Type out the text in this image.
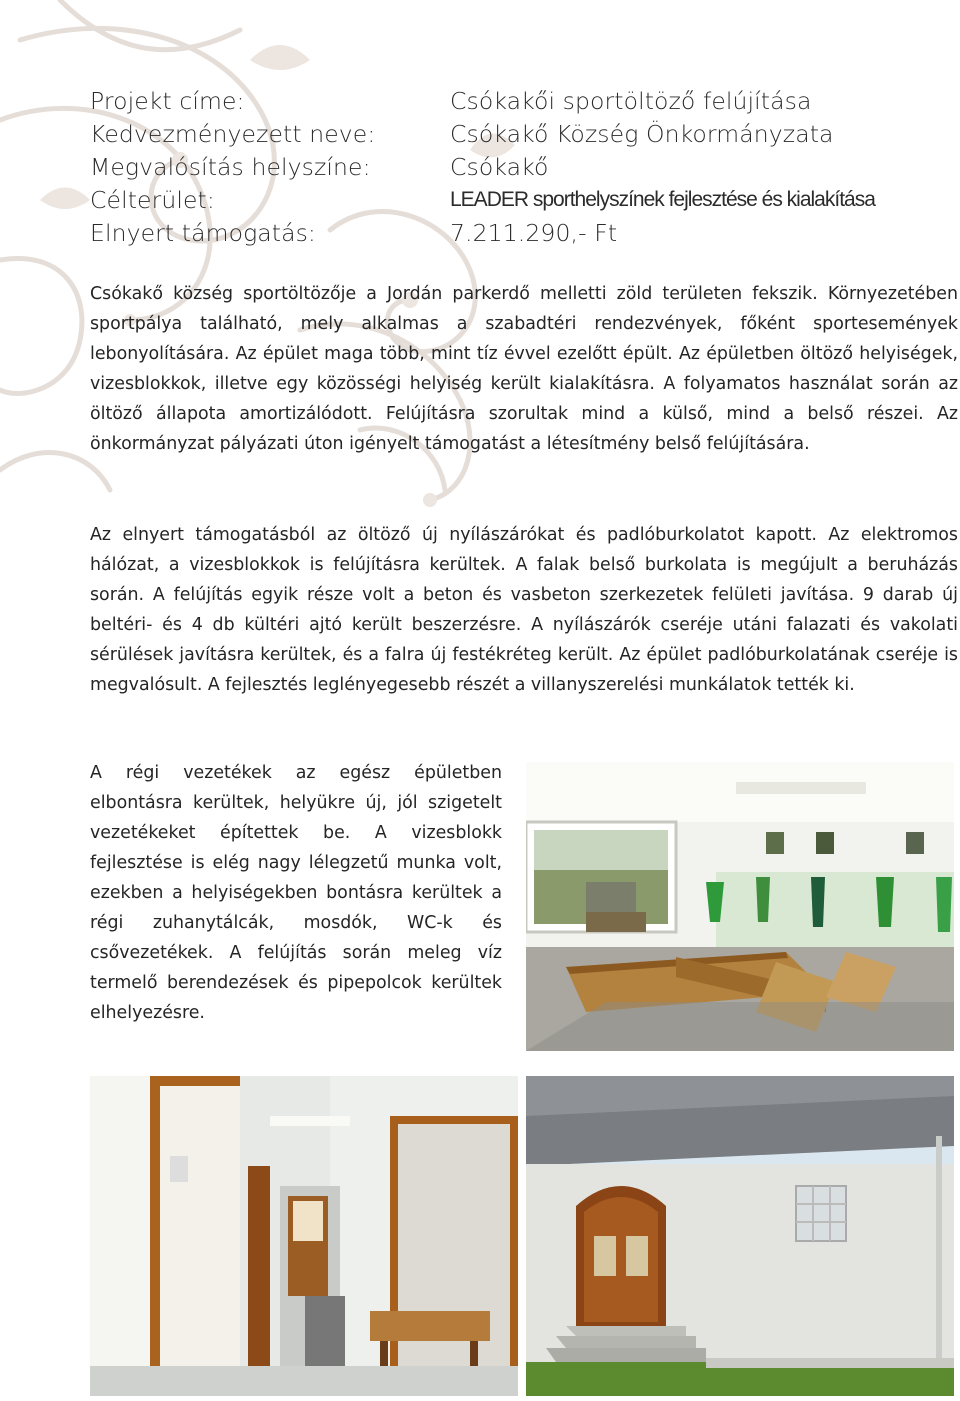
Projekt címe:	Csókakői sportöltöző felújítása
Kedvezményezett neve:	Csókakő Község Önkormányzata
Megvalósítás helyszíne:	Csókakő
Célterület:	LEADER sporthelyszínek fejlesztése és kialakítása
Elnyert támogatás:	7.211.290,- Ft

Csókakő község sportöltözője a Jordán parkerdő melletti zöld területen fekszik. Környezetében sportpálya található, mely alkalmas a szabadtéri rendezvények, főként sportesemények lebonyolítására. Az épület maga több, mint tíz évvel ezelőtt épült. Az épületben öltöző helyiségek, vizesblokkok, illetve egy közösségi helyiség került kialakításra. A folyamatos használat során az öltöző állapota amortizálódott. Felújításra szorultak mind a külső, mind a belső részei. Az önkormányzat pályázati úton igényelt támogatást a létesítmény belső felújítására.

Az elnyert támogatásból az öltöző új nyílászárókat és padlóburkolatot kapott. Az elektromos hálózat, a vizesblokkok is felújításra kerültek. A falak belső burkolata is megújult a beruházás során. A felújítás egyik része volt a beton és vasbeton szerkezetek felületi javítása. 9 darab új beltéri- és 4 db kültéri ajtó került beszerzésre. A nyílászárók cseréje utáni falazati és vakolati sérülések javításra kerültek, és a falra új festékréteg került. Az épület padlóburkolatának cseréje is megvalósult. A fejlesztés leglényegesebb részét a villanyszerelési munkálatok tették ki.

A régi vezetékek az egész épületben elbontásra kerültek, helyükre új, jól szigetelt vezetékeket építettek be. A vizesblokk fejlesztése is elég nagy lélegzetű munka volt, ezekben a helyiségekben bontásra kerültek a régi zuhanytálcák, mosdók, WC-k és csővezetékek. A felújítás során meleg víz termelő berendezések és pipepolcok kerültek elhelyezésre.
